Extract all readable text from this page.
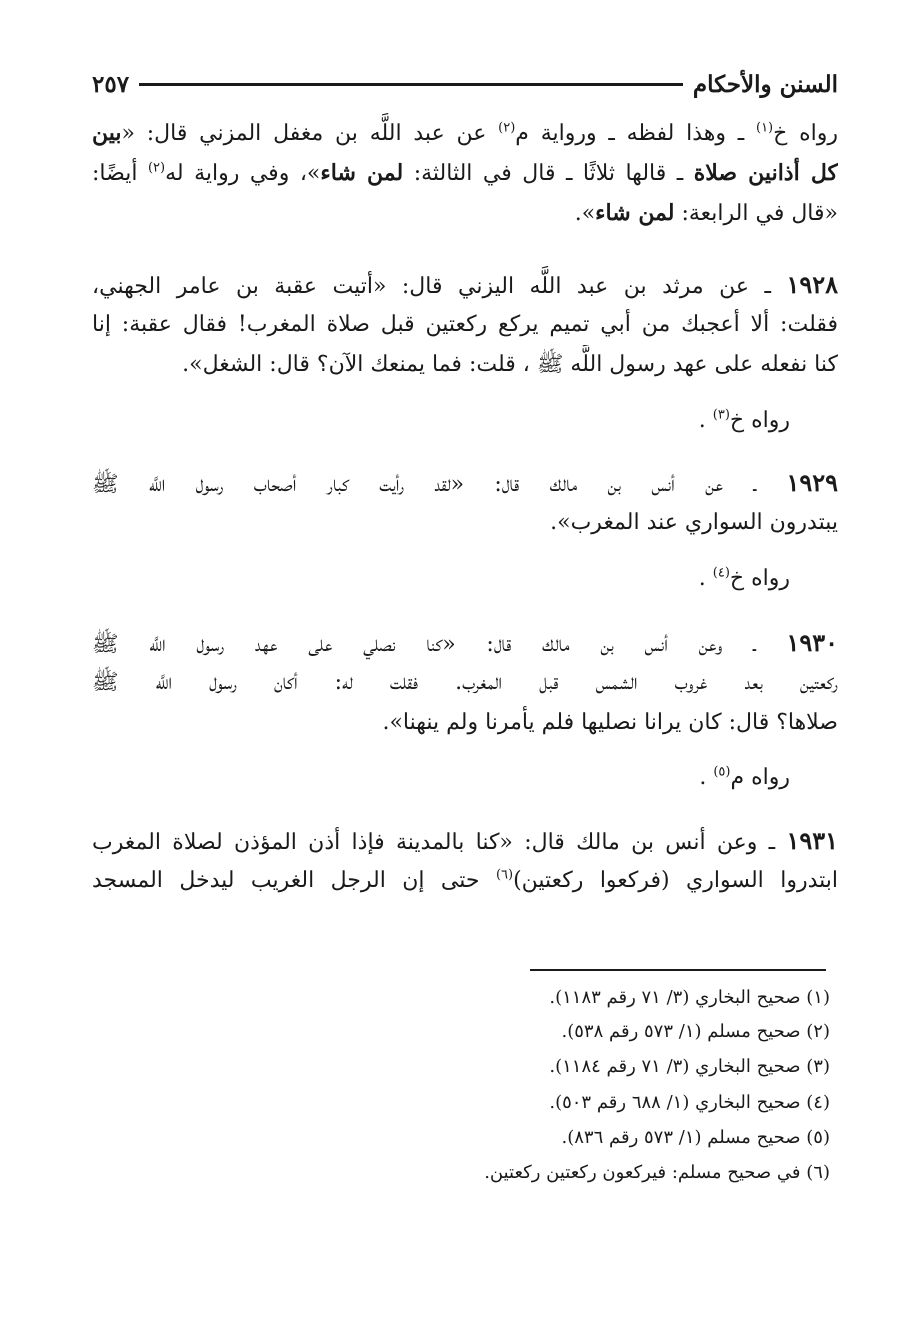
السنن والأحكام
٢٥٧
رواه خ$^{(١)}$ ـ وهذا لفظه ـ ورواية م$^{(٢)}$ عن عبد اللَّه بن مغفل المزني قال: «بين
كل أذانين صلاة ـ قالها ثلاثًا ـ قال في الثالثة: لمن شاء»، وفي رواية له$^{(٢)}$ أيضًا:
«قال في الرابعة: لمن شاء».
١٩٢٨ ـ عن مرثد بن عبد اللَّه اليزني قال: «أتيت عقبة بن عامر الجهني،
فقلت: ألا أعجبك من أبي تميم يركع ركعتين قبل صلاة المغرب! فقال عقبة: إنا
كنا نفعله على عهد رسول اللَّه ﷺ ، قلت: فما يمنعك الآن؟ قال: الشغل».
رواه خ$^{(٣)}$ .
١٩٢٩ ـ عن أنس بن مالك قال: «لقد رأيت كبار أصحاب رسول اللَّه ﷺ
يبتدرون السواري عند المغرب».
رواه خ$^{(٤)}$ .
١٩٣٠ ـ وعن أنس بن مالك قال: «كنا نصلي على عهد رسول اللَّه ﷺ
ركعتين بعد غروب الشمس قبل المغرب. فقلت له: أكان رسول اللَّه ﷺ
صلاها؟ قال: كان يرانا نصليها فلم يأمرنا ولم ينهنا».
رواه م$^{(٥)}$ .
١٩٣١ ـ وعن أنس بن مالك قال: «كنا بالمدينة فإذا أذن المؤذن لصلاة المغرب
ابتدروا السواري (فركعوا ركعتين)$^{(٦)}$ حتى إن الرجل الغريب ليدخل المسجد
(١) صحيح البخاري (٣/ ٧١ رقم ١١٨٣).
(٢) صحيح مسلم (١/ ٥٧٣ رقم ٥٣٨).
(٣) صحيح البخاري (٣/ ٧١ رقم ١١٨٤).
(٤) صحيح البخاري (١/ ٦٨٨ رقم ٥٠٣).
(٥) صحيح مسلم (١/ ٥٧٣ رقم ٨٣٦).
(٦) في صحيح مسلم: فيركعون ركعتين ركعتين.
